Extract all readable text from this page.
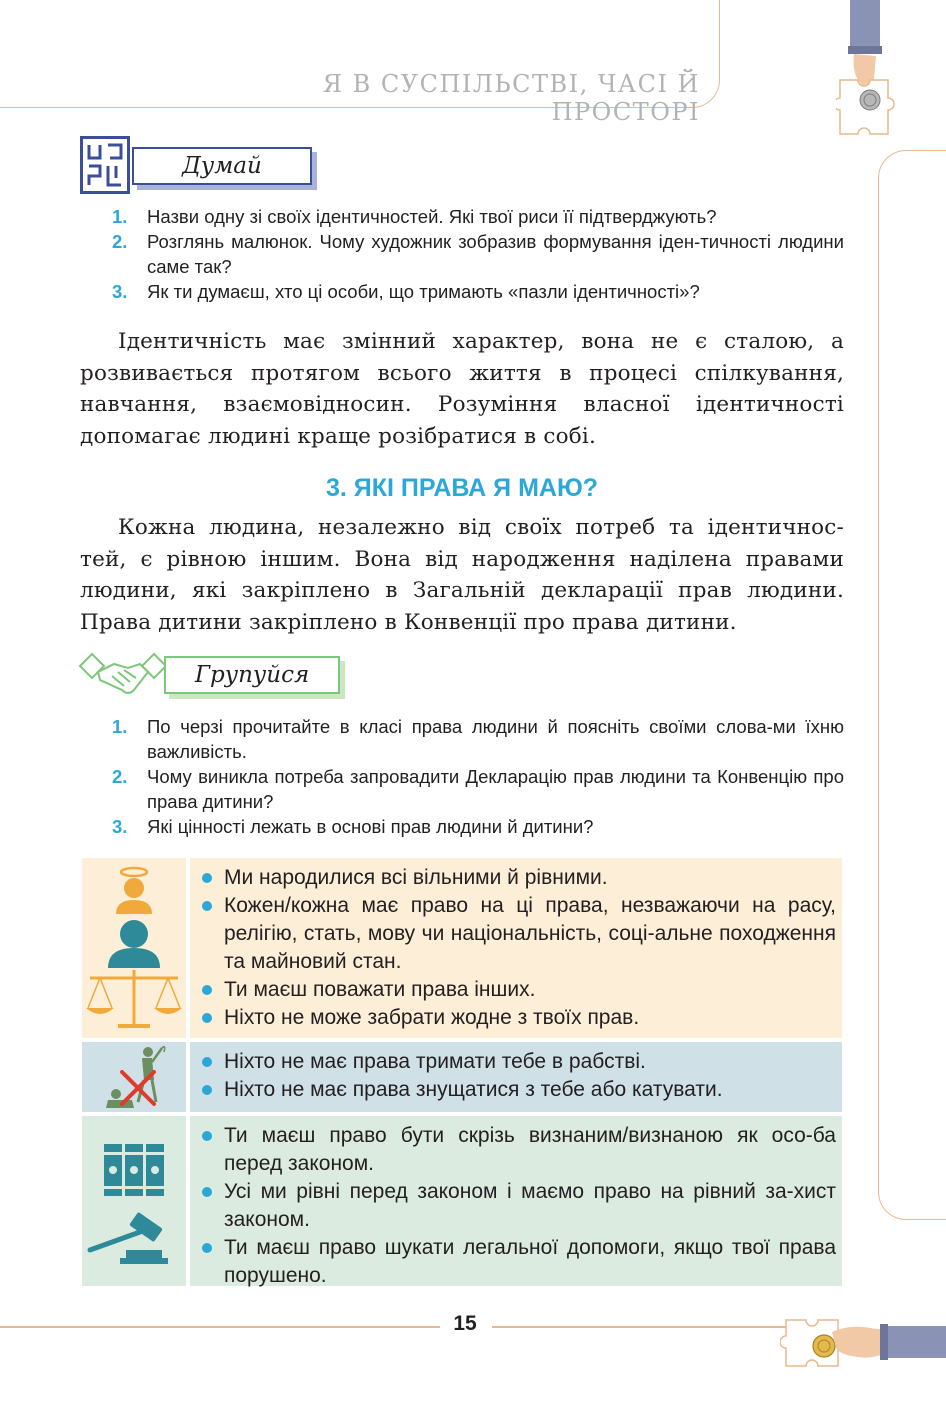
Я В СУСПІЛЬСТВІ, ЧАСІ Й ПРОСТОРІ
Думай
1. Назви одну зі своїх ідентичностей. Які твої риси її підтверджують?
2. Розглянь малюнок. Чому художник зобразив формування іден-тичності людини саме так?
3. Як ти думаєш, хто ці особи, що тримають «пазли ідентичності»?

Ідентичність має змінний характер, вона не є сталою, а розвивається протягом всього життя в процесі спілкування, навчання, взаємовідносин. Розуміння власної ідентичності допомагає людині краще розібратися в собі.

3. ЯКІ ПРАВА Я МАЮ?

Кожна людина, незалежно від своїх потреб та ідентичнос-тей, є рівною іншим. Вона від народження наділена правами людини, які закріплено в Загальній декларації прав людини. Права дитини закріплено в Конвенції про права дитини.

Групуйся
1. По черзі прочитайте в класі права людини й поясніть своїми слова-ми їхню важливість.
2. Чому виникла потреба запровадити Декларацію прав людини та Конвенцію про права дитини?
3. Які цінності лежать в основі прав людини й дитини?
Ми народилися всі вільними й рівними.
Кожен/кожна має право на ці права, незважаючи на расу, релігію, стать, мову чи національність, соці-альне походження та майновий стан.
Ти маєш поважати права інших.
Ніхто не може забрати жодне з твоїх прав.
Ніхто не має права тримати тебе в рабстві.
Ніхто не має права знущатися з тебе або катувати.
Ти маєш право бути скрізь визнаним/визнаною як осо-ба перед законом.
Усі ми рівні перед законом і маємо право на рівний за-хист законом.
Ти маєш право шукати легальної допомоги, якщо твої права порушено.
15
